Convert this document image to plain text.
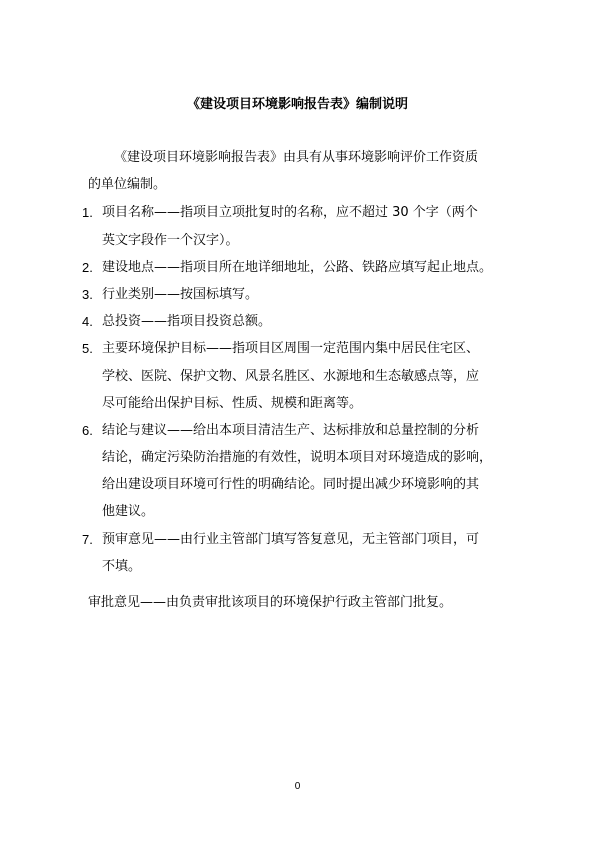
《建设项目环境影响报告表》编制说明
《建设项目环境影响报告表》由具有从事环境影响评价工作资质
的单位编制。
1. 项目名称——指项目立项批复时的名称，应不超过 30 个字（两个
英文字段作一个汉字）。
2. 建设地点——指项目所在地详细地址，公路、铁路应填写起止地点。
3. 行业类别——按国标填写。
4. 总投资——指项目投资总额。
5. 主要环境保护目标——指项目区周围一定范围内集中居民住宅区、
学校、医院、保护文物、风景名胜区、水源地和生态敏感点等，应
尽可能给出保护目标、性质、规模和距离等。
6. 结论与建议——给出本项目清洁生产、达标排放和总量控制的分析
结论，确定污染防治措施的有效性，说明本项目对环境造成的影响，
给出建设项目环境可行性的明确结论。同时提出减少环境影响的其
他建议。
7. 预审意见——由行业主管部门填写答复意见，无主管部门项目，可
不填。
审批意见——由负责审批该项目的环境保护行政主管部门批复。
0
